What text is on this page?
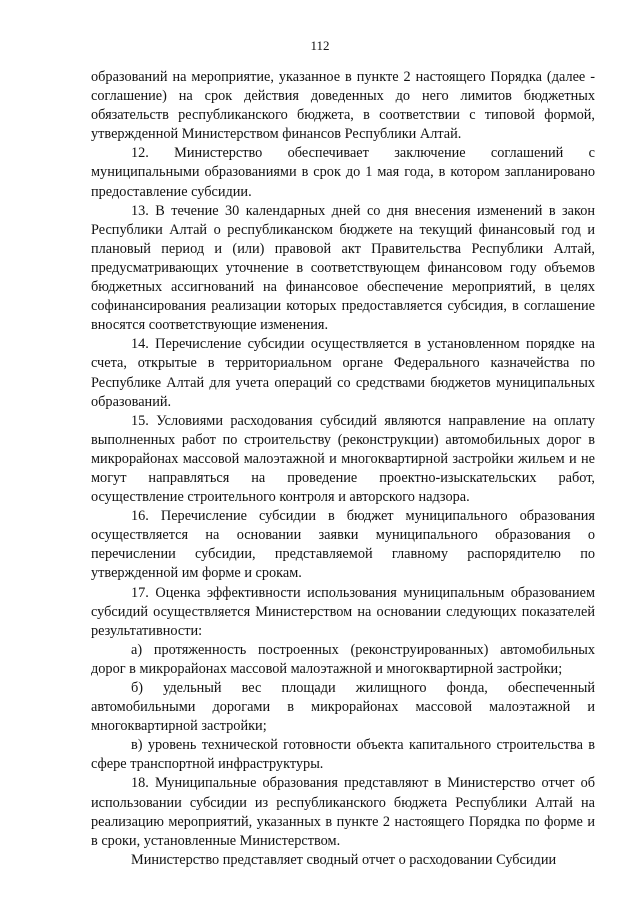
112

образований на мероприятие, указанное в пункте 2 настоящего Порядка (далее - соглашение) на срок действия доведенных до него лимитов бюджетных обязательств республиканского бюджета, в соответствии с типовой формой, утвержденной Министерством финансов Республики Алтай.

12. Министерство обеспечивает заключение соглашений с муниципальными образованиями в срок до 1 мая года, в котором запланировано предоставление субсидии.

13. В течение 30 календарных дней со дня внесения изменений в закон Республики Алтай о республиканском бюджете на текущий финансовый год и плановый период и (или) правовой акт Правительства Республики Алтай, предусматривающих уточнение в соответствующем финансовом году объемов бюджетных ассигнований на финансовое обеспечение мероприятий, в целях софинансирования реализации которых предоставляется субсидия, в соглашение вносятся соответствующие изменения.

14. Перечисление субсидии осуществляется в установленном порядке на счета, открытые в территориальном органе Федерального казначейства по Республике Алтай для учета операций со средствами бюджетов муниципальных образований.

15. Условиями расходования субсидий являются направление на оплату выполненных работ по строительству (реконструкции) автомобильных дорог в микрорайонах массовой малоэтажной и многоквартирной застройки жильем и не могут направляться на проведение проектно-изыскательских работ, осуществление строительного контроля и авторского надзора.

16. Перечисление субсидии в бюджет муниципального образования осуществляется на основании заявки муниципального образования о перечислении субсидии, представляемой главному распорядителю по утвержденной им форме и срокам.

17. Оценка эффективности использования муниципальным образованием субсидий осуществляется Министерством на основании следующих показателей результативности:

а) протяженность построенных (реконструированных) автомобильных дорог в микрорайонах массовой малоэтажной и многоквартирной застройки;

б) удельный вес площади жилищного фонда, обеспеченный автомобильными дорогами в микрорайонах массовой малоэтажной и многоквартирной застройки;

в) уровень технической готовности объекта капитального строительства в сфере транспортной инфраструктуры.

18. Муниципальные образования представляют в Министерство отчет об использовании субсидии из республиканского бюджета Республики Алтай на реализацию мероприятий, указанных в пункте 2 настоящего Порядка по форме и в сроки, установленные Министерством.

Министерство представляет сводный отчет о расходовании Субсидии
